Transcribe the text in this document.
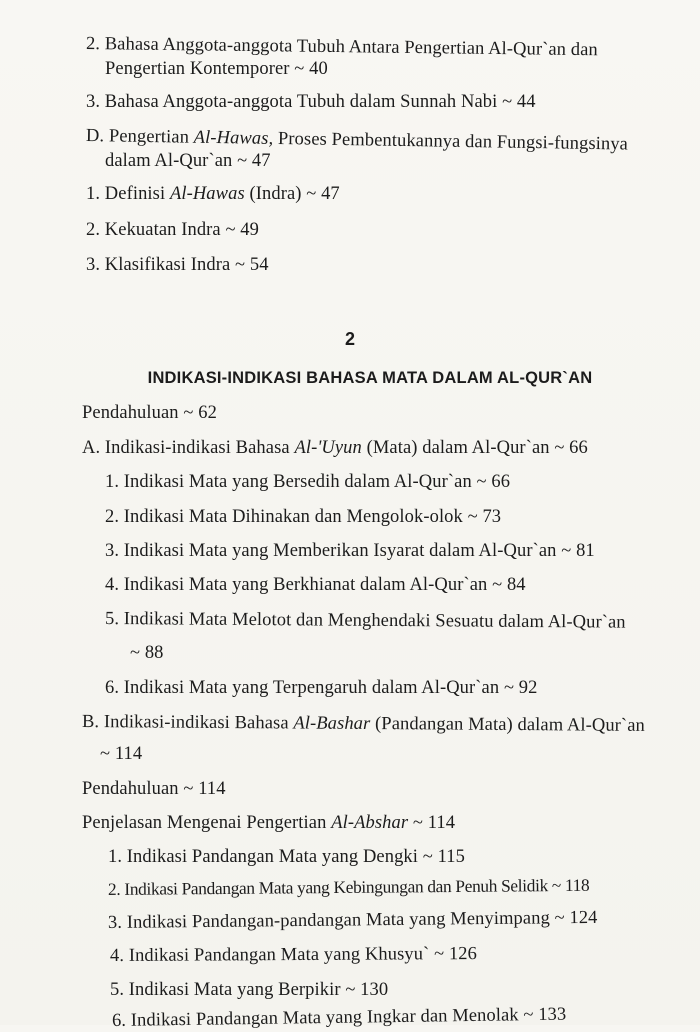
2. Bahasa Anggota-anggota Tubuh Antara Pengertian Al-Qur`an dan
Pengertian Kontemporer ~ 40
3. Bahasa Anggota-anggota Tubuh dalam Sunnah Nabi ~ 44
D. Pengertian Al-Hawas, Proses Pembentukannya dan Fungsi-fungsinya
dalam Al-Qur`an ~ 47
1. Definisi Al-Hawas (Indra) ~ 47
2. Kekuatan Indra ~ 49
3. Klasifikasi Indra ~ 54
2
INDIKASI-INDIKASI BAHASA MATA DALAM AL-QUR`AN
Pendahuluan ~ 62
A. Indikasi-indikasi Bahasa Al-'Uyun (Mata) dalam Al-Qur`an ~ 66
1. Indikasi Mata yang Bersedih dalam Al-Qur`an ~ 66
2. Indikasi Mata Dihinakan dan Mengolok-olok ~ 73
3. Indikasi Mata yang Memberikan Isyarat dalam Al-Qur`an ~ 81
4. Indikasi Mata yang Berkhianat dalam Al-Qur`an ~ 84
5. Indikasi Mata Melotot dan Menghendaki Sesuatu dalam Al-Qur`an
~ 88
6. Indikasi Mata yang Terpengaruh dalam Al-Qur`an ~ 92
B. Indikasi-indikasi Bahasa Al-Bashar (Pandangan Mata) dalam Al-Qur`an
~ 114
Pendahuluan ~ 114
Penjelasan Mengenai Pengertian Al-Abshar ~ 114
1. Indikasi Pandangan Mata yang Dengki ~ 115
2. Indikasi Pandangan Mata yang Kebingungan dan Penuh Selidik ~ 118
3. Indikasi Pandangan-pandangan Mata yang Menyimpang ~ 124
4. Indikasi Pandangan Mata yang Khusyu` ~ 126
5. Indikasi Mata yang Berpikir ~ 130
6. Indikasi Pandangan Mata yang Ingkar dan Menolak ~ 133
